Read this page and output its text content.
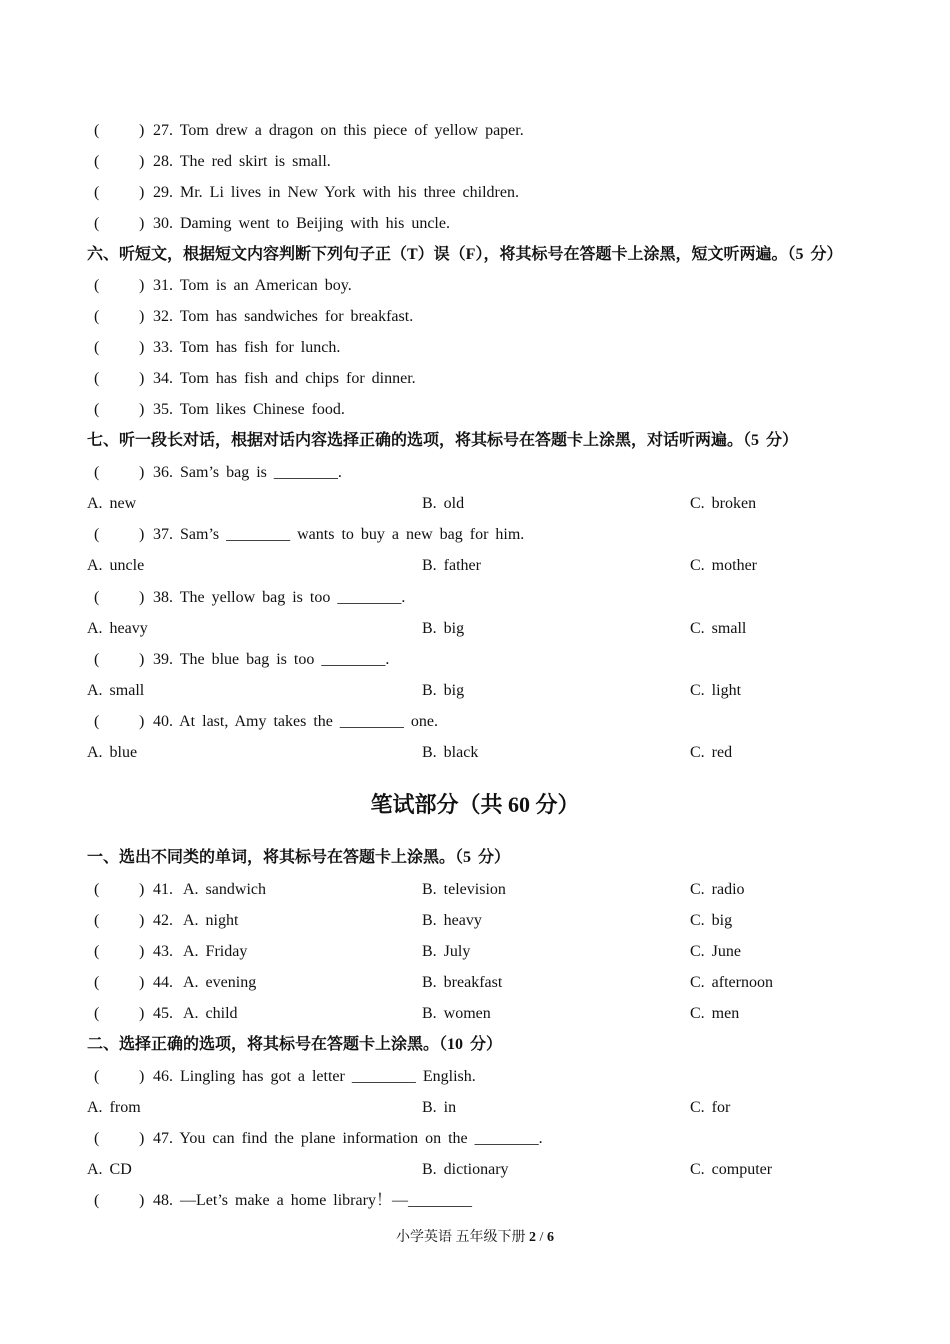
( ) 27. Tom drew a dragon on this piece of yellow paper.
( ) 28. The red skirt is small.
( ) 29. Mr. Li lives in New York with his three children.
( ) 30. Daming went to Beijing with his uncle.
六、听短文，根据短文内容判断下列句子正（T）误（F），将其标号在答题卡上涂黑，短文听两遍。（5 分）
( ) 31. Tom is an American boy.
( ) 32. Tom has sandwiches for breakfast.
( ) 33. Tom has fish for lunch.
( ) 34. Tom has fish and chips for dinner.
( ) 35. Tom likes Chinese food.
七、听一段长对话，根据对话内容选择正确的选项，将其标号在答题卡上涂黑，对话听两遍。（5 分）
( ) 36. Sam’s bag is ________.
A. new	B. old	C. broken
( ) 37. Sam’s ________ wants to buy a new bag for him.
A. uncle	B. father	C. mother
( ) 38. The yellow bag is too ________.
A. heavy	B. big	C. small
( ) 39. The blue bag is too ________.
A. small	B. big	C. light
( ) 40. At last, Amy takes the ________ one.
A. blue	B. black	C. red
笔试部分（共 60 分）
一、选出不同类的单词，将其标号在答题卡上涂黑。（5 分）
( ) 41. A. sandwich	B. television	C. radio
( ) 42. A. night	B. heavy	C. big
( ) 43. A. Friday	B. July	C. June
( ) 44. A. evening	B. breakfast	C. afternoon
( ) 45. A. child	B. women	C. men
二、选择正确的选项，将其标号在答题卡上涂黑。（10 分）
( ) 46. Lingling has got a letter ________ English.
A. from	B. in	C. for
( ) 47. You can find the plane information on the ________.
A. CD	B. dictionary	C. computer
( ) 48. —Let’s make a home library！—________
小学英语 五年级下册 2 / 6
